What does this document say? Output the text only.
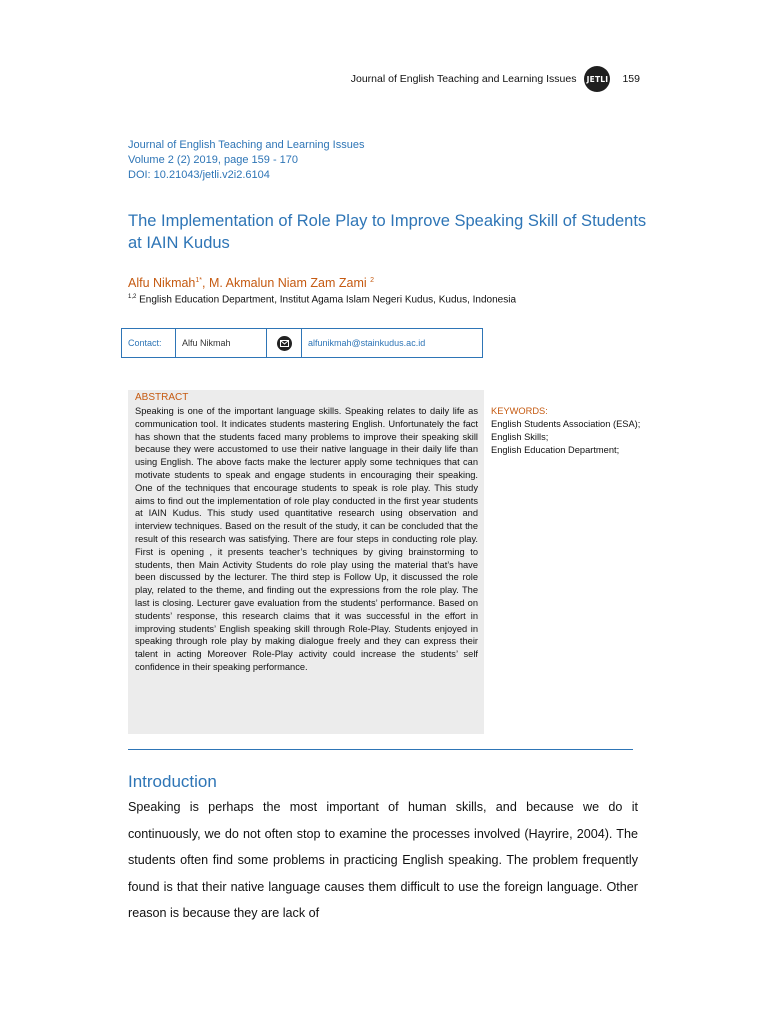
Journal of English Teaching and Learning Issues JETLI 159
Journal of English Teaching and Learning Issues
Volume 2 (2) 2019, page 159 - 170
DOI: 10.21043/jetli.v2i2.6104
The Implementation of Role Play to Improve Speaking Skill of Students at IAIN Kudus
Alfu Nikmah$^{1*}$, M. Akmalun Niam Zam Zami $^2$
$^{1,2}$ English Education Department, Institut Agama Islam Negeri Kudus, Kudus, Indonesia
Contact:	Alfu Nikmah	alfunikmah@stainkudus.ac.id
ABSTRACT
Speaking is one of the important language skills. Speaking relates to daily life as communication tool. It indicates students mastering English. Unfortunately the fact has shown that the students faced many problems to improve their speaking skill because they were accustomed to use their native language in their daily life than using English. The above facts make the lecturer apply some techniques that can motivate students to speak and engage students in encouraging their speaking. One of the techniques that encourage students to speak is role play. This study aims to find out the implementation of role play conducted in the first year students at IAIN Kudus. This study used quantitative research using observation and interview techniques. Based on the result of the study, it can be concluded that the result of this research was satisfying. There are four steps in conducting role play. First is opening , it presents teacher’s techniques by giving brainstorming to students, then Main Activity Students do role play using the material that’s have been discussed by the lecturer. The third step is Follow Up, it discussed the role play, related to the theme, and finding out the expressions from the role play. The last is closing. Lecturer gave evaluation from the students’ performance. Based on students’ response, this research claims that it was successful in the effort in improving students’ English speaking skill through Role-Play. Students enjoyed in speaking through role play by making dialogue freely and they can express their talent in acting Moreover Role-Play activity could increase the students’ self confidence in their speaking performance.
KEYWORDS:
English Students Association (ESA);
English Skills;
English Education Department;
Introduction
Speaking is perhaps the most important of human skills, and because we do it continuously, we do not often stop to examine the processes involved (Hayrire, 2004). The students often find some problems in practicing English speaking. The problem frequently found is that their native language causes them difficult to use the foreign language. Other reason is because they are lack of
